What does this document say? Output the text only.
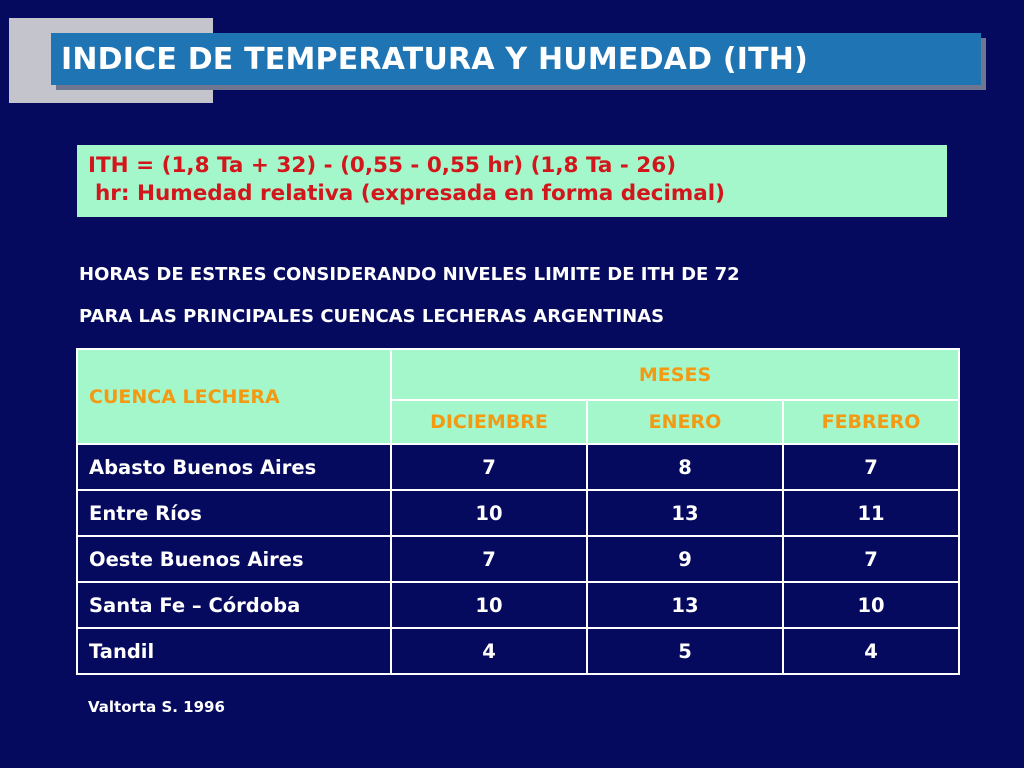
INDICE DE TEMPERATURA Y HUMEDAD (ITH)
ITH = (1,8 Ta + 32) - (0,55 - 0,55 hr) (1,8 Ta - 26)
hr: Humedad relativa (expresada en forma decimal)
HORAS DE ESTRES CONSIDERANDO NIVELES LIMITE DE ITH DE 72
PARA LAS PRINCIPALES CUENCAS LECHERAS ARGENTINAS
CUENCA LECHERA	MESES		
	DICIEMBRE	ENERO	FEBRERO
Abasto Buenos Aires	7	8	7
Entre Ríos	10	13	11
Oeste Buenos Aires	7	9	7
Santa Fe – Córdoba	10	13	10
Tandil	4	5	4
Valtorta S. 1996
